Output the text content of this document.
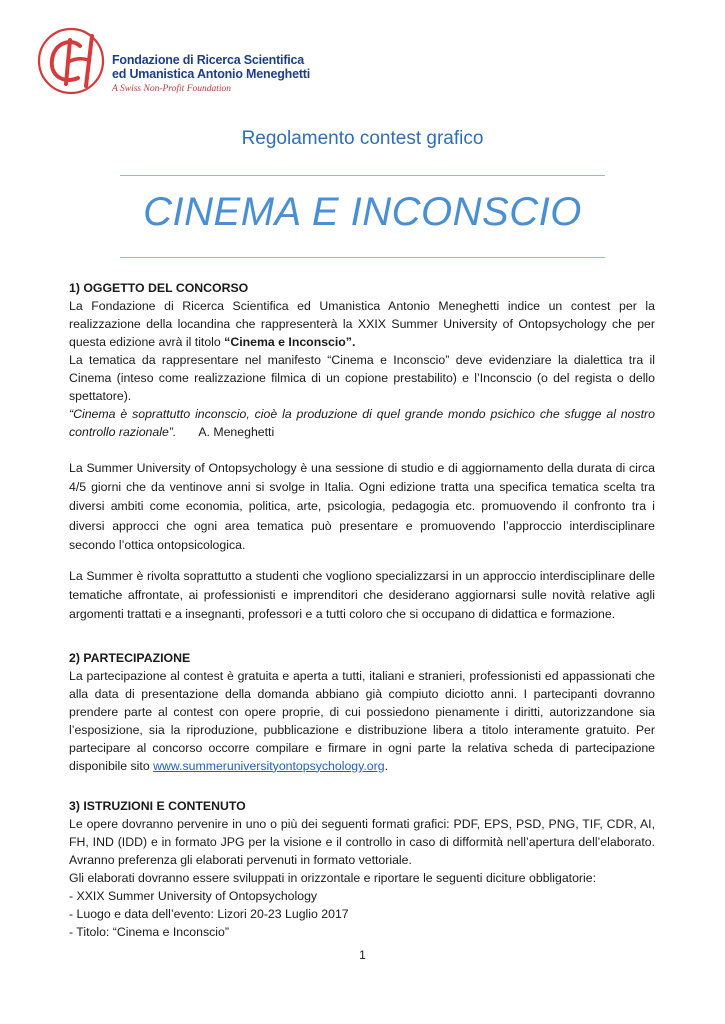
Fondazione di Ricerca Scientifica
ed Umanistica Antonio Meneghetti
A Swiss Non-Profit Foundation
Regolamento contest grafico
CINEMA E INCONSCIO
1) OGGETTO DEL CONCORSO

La Fondazione di Ricerca Scientifica ed Umanistica Antonio Meneghetti indice un contest per la realizzazione della locandina che rappresenterà la XXIX Summer University of Ontopsychology che per questa edizione avrà il titolo “Cinema e Inconscio”.

La tematica da rappresentare nel manifesto “Cinema e Inconscio” deve evidenziare la dialettica tra il Cinema (inteso come realizzazione filmica di un copione prestabilito) e l’Inconscio (o del regista o dello spettatore).

“Cinema è soprattutto inconscio, cioè la produzione di quel grande mondo psichico che sfugge al nostro controllo razionale”. A. Meneghetti

La Summer University of Ontopsychology è una sessione di studio e di aggiornamento della durata di circa 4/5 giorni che da ventinove anni si svolge in Italia. Ogni edizione tratta una specifica tematica scelta tra diversi ambiti come economia, politica, arte, psicologia, pedagogia etc. promuovendo il confronto tra i diversi approcci che ogni area tematica può presentare e promuovendo l’approccio interdisciplinare secondo l’ottica ontopsicologica.

La Summer è rivolta soprattutto a studenti che vogliono specializzarsi in un approccio interdisciplinare delle tematiche affrontate, ai professionisti e imprenditori che desiderano aggiornarsi sulle novità relative agli argomenti trattati e a insegnanti, professori e a tutti coloro che si occupano di didattica e formazione.

2) PARTECIPAZIONE

La partecipazione al contest è gratuita e aperta a tutti, italiani e stranieri, professionisti ed appassionati che alla data di presentazione della domanda abbiano già compiuto diciotto anni. I partecipanti dovranno prendere parte al contest con opere proprie, di cui possiedono pienamente i diritti, autorizzandone sia l’esposizione, sia la riproduzione, pubblicazione e distribuzione libera a titolo interamente gratuito. Per partecipare al concorso occorre compilare e firmare in ogni parte la relativa scheda di partecipazione disponibile sito www.summeruniversityontopsychology.org.

3) ISTRUZIONI E CONTENUTO

Le opere dovranno pervenire in uno o più dei seguenti formati grafici: PDF, EPS, PSD, PNG, TIF, CDR, AI, FH, IND (IDD) e in formato JPG per la visione e il controllo in caso di difformità nell’apertura dell’elaborato. Avranno preferenza gli elaborati pervenuti in formato vettoriale.

Gli elaborati dovranno essere sviluppati in orizzontale e riportare le seguenti diciture obbligatorie:

- XXIX Summer University of Ontopsychology

- Luogo e data dell’evento: Lizori 20-23 Luglio 2017

- Titolo: “Cinema e Inconscio”

1
